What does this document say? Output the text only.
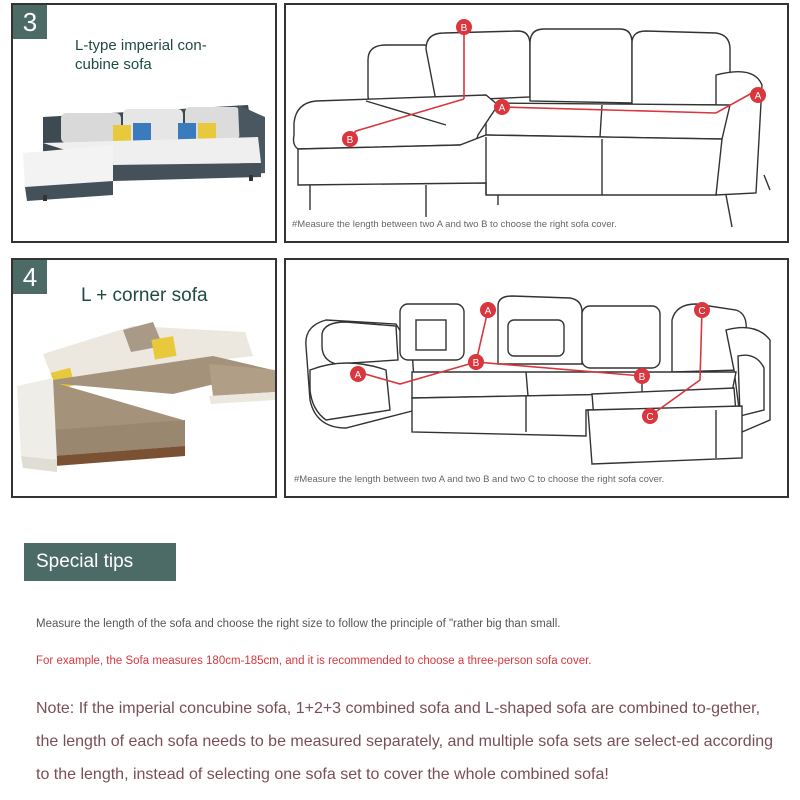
3
L-type imperial con-
cubine sofa
B
B
A
A
#Measure the length between two A and two B to choose the right sofa cover.
4
L + corner sofa
A
A
B
B
C
C
#Measure the length between two A and two B and two C to choose the right sofa cover.
Special tips
Measure the length of the sofa and choose the right size to follow the principle of "rather big than small.
For example, the Sofa measures 180cm-185cm, and it is recommended to choose a three-person sofa cover.
Note: If the imperial concubine sofa, 1+2+3 combined sofa and L-shaped sofa are combined to-gether, the length of each sofa needs to be measured separately, and multiple sofa sets are select-ed according to the length, instead of selecting one sofa set to cover the whole combined sofa!
